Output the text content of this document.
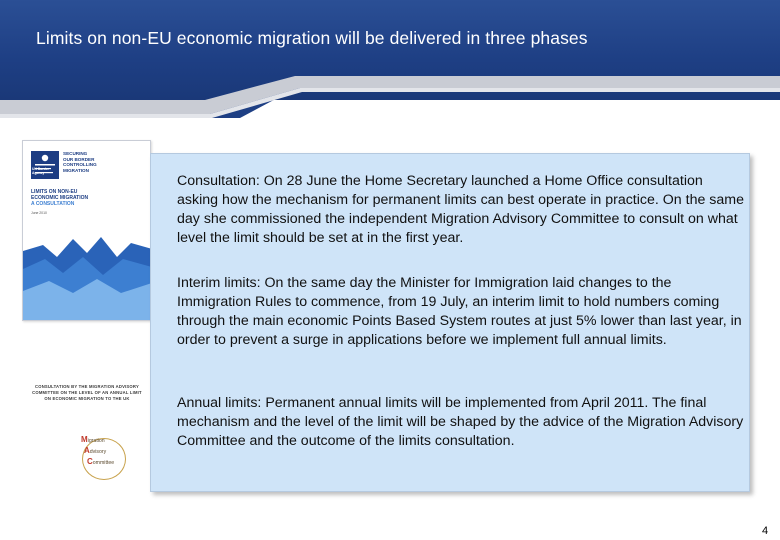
Limits on non-EU economic migration will be delivered in three phases
SECURING
OUR BORDER
CONTROLLING
MIGRATION
UK Border Agency
LIMITS ON NON-EU
ECONOMIC MIGRATION
A CONSULTATION
June 2010
CONSULTATION BY THE MIGRATION ADVISORY COMMITTEE ON THE LEVEL OF AN ANNUAL LIMIT ON ECONOMIC MIGRATION TO THE UK
Migration
Advisory
Committee
Consultation: On 28 June the Home Secretary launched a Home Office consultation asking how the mechanism for permanent limits can best operate in practice. On the same day she commissioned the independent Migration Advisory Committee to consult on what level the limit should be set at in the first year.
Interim limits: On the same day the Minister for Immigration laid changes to the Immigration Rules to commence, from 19 July, an interim limit to hold numbers coming through the main economic Points Based System routes at just 5% lower than last year, in order to prevent a surge in applications before we implement full annual limits.
Annual limits: Permanent annual limits will be implemented from April 2011. The final mechanism and the level of the limit will be shaped by the advice of the Migration Advisory Committee and the outcome of the limits consultation.
4
